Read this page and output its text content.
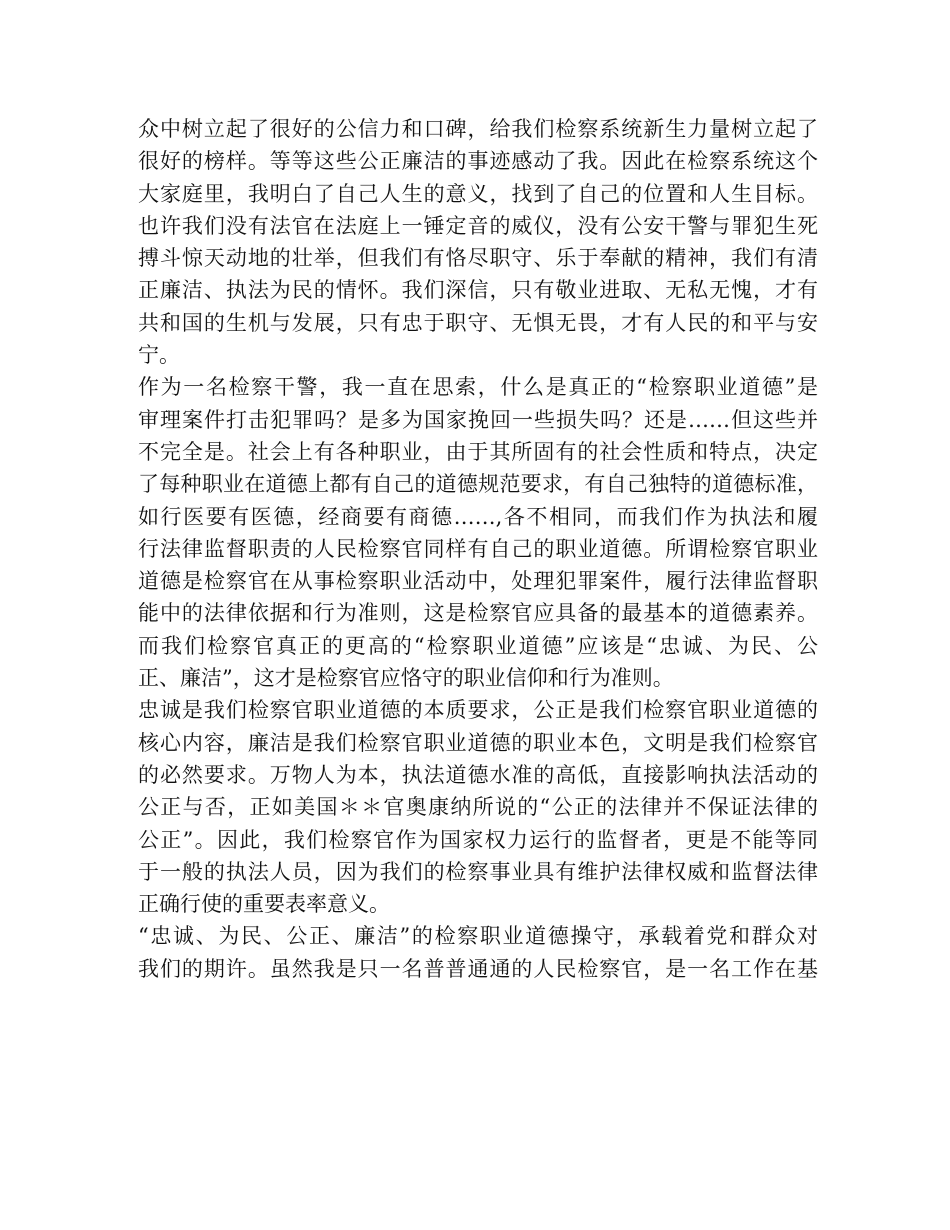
众中树立起了很好的公信力和口碑，给我们检察系统新生力量树立起了
很好的榜样。等等这些公正廉洁的事迹感动了我。因此在检察系统这个
大家庭里，我明白了自己人生的意义，找到了自己的位置和人生目标。
也许我们没有法官在法庭上一锤定音的威仪，没有公安干警与罪犯生死
搏斗惊天动地的壮举，但我们有恪尽职守、乐于奉献的精神，我们有清
正廉洁、执法为民的情怀。我们深信，只有敬业进取、无私无愧，才有
共和国的生机与发展，只有忠于职守、无惧无畏，才有人民的和平与安
宁。
作为一名检察干警，我一直在思索，什么是真正的“检察职业道德”是
审理案件打击犯罪吗？是多为国家挽回一些损失吗？还是……但这些并
不完全是。社会上有各种职业，由于其所固有的社会性质和特点，决定
了每种职业在道德上都有自己的道德规范要求，有自己独特的道德标准，
如行医要有医德，经商要有商德……,各不相同，而我们作为执法和履
行法律监督职责的人民检察官同样有自己的职业道德。所谓检察官职业
道德是检察官在从事检察职业活动中，处理犯罪案件，履行法律监督职
能中的法律依据和行为准则，这是检察官应具备的最基本的道德素养。
而我们检察官真正的更高的“检察职业道德”应该是“忠诚、为民、公
正、廉洁”，这才是检察官应恪守的职业信仰和行为准则。
忠诚是我们检察官职业道德的本质要求，公正是我们检察官职业道德的
核心内容，廉洁是我们检察官职业道德的职业本色，文明是我们检察官
的必然要求。万物人为本，执法道德水准的高低，直接影响执法活动的
公正与否，正如美国＊＊官奥康纳所说的“公正的法律并不保证法律的
公正”。因此，我们检察官作为国家权力运行的监督者，更是不能等同
于一般的执法人员，因为我们的检察事业具有维护法律权威和监督法律
正确行使的重要表率意义。
“忠诚、为民、公正、廉洁”的检察职业道德操守，承载着党和群众对
我们的期许。虽然我是只一名普普通通的人民检察官，是一名工作在基
